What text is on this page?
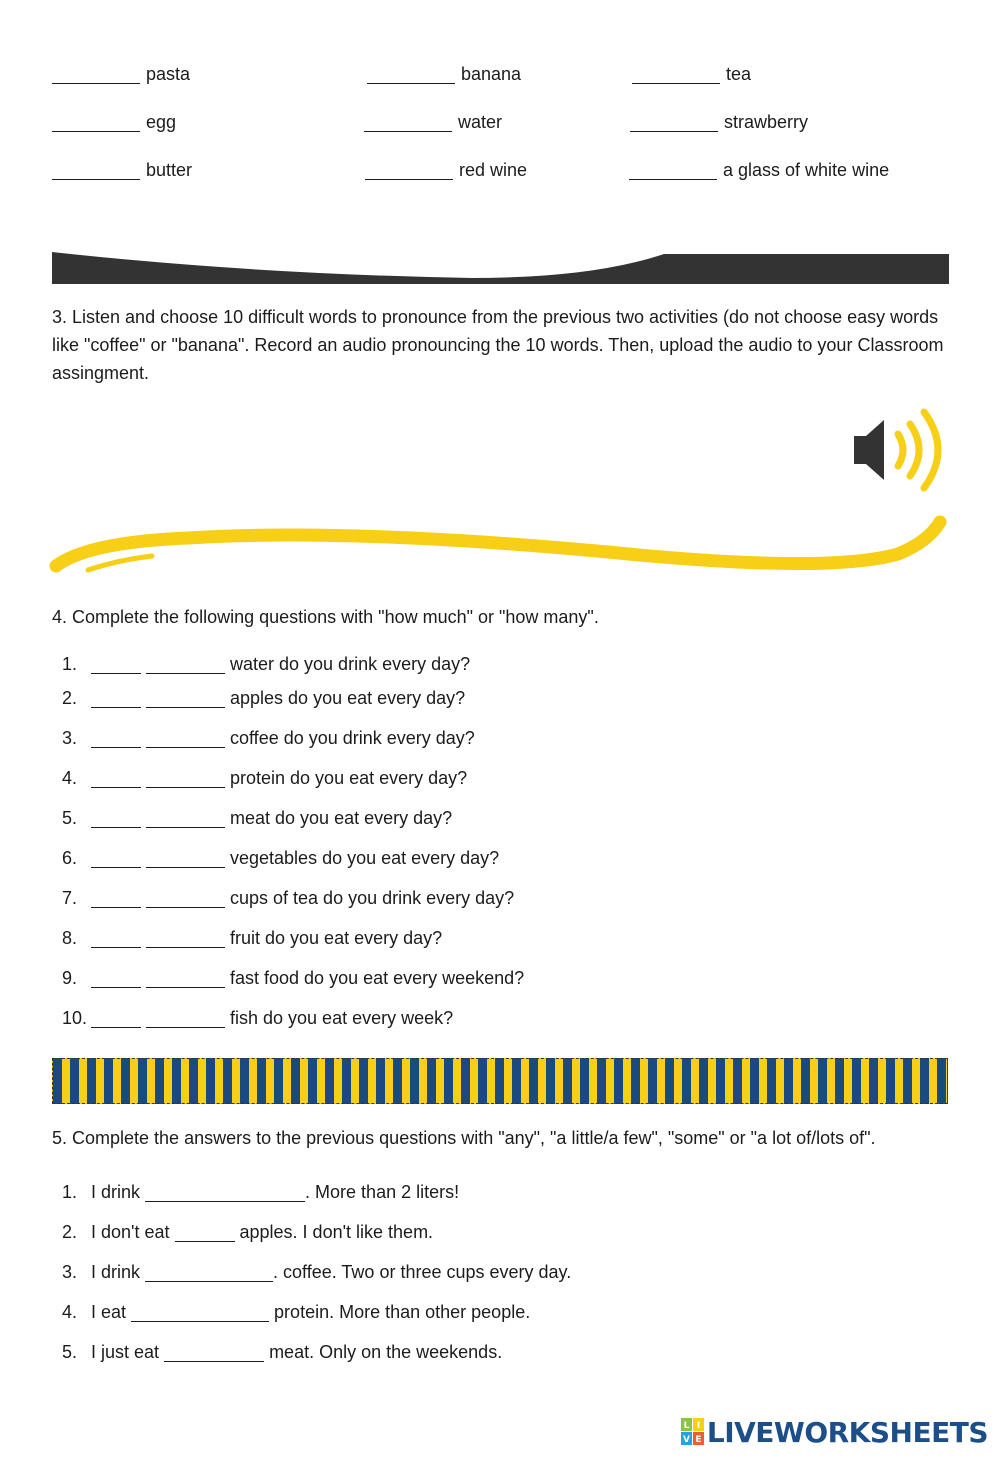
pasta	banana	tea
egg	water	strawberry
butter	red wine	a glass of white wine
3. Listen and choose 10 difficult words to pronounce from the previous two activities (do not choose easy words like "coffee" or "banana". Record an audio pronouncing the 10 words. Then, upload the audio to your Classroom assingment.
4. Complete the following questions with "how much" or "how many".
1.	water do you drink every day?
2.	apples do you eat every day?
3.	coffee do you drink every day?
4.	protein do you eat every day?
5.	meat do you eat every day?
6.	vegetables do you eat every day?
7.	cups of tea do you drink every day?
8.	fruit do you eat every day?
9.	fast food do you eat every weekend?
10.	fish do you eat every week?
5. Complete the answers to the previous questions with "any", "a little/a few", "some" or "a lot of/lots of".
1. I drink	. More than 2 liters!
2. I don't eat	apples. I don't like them.
3. I drink	. coffee. Two or three cups every day.
4. I eat	protein. More than other people.
5. I just eat	meat. Only on the weekends.
L I
V E LIVEWORKSHEETS
